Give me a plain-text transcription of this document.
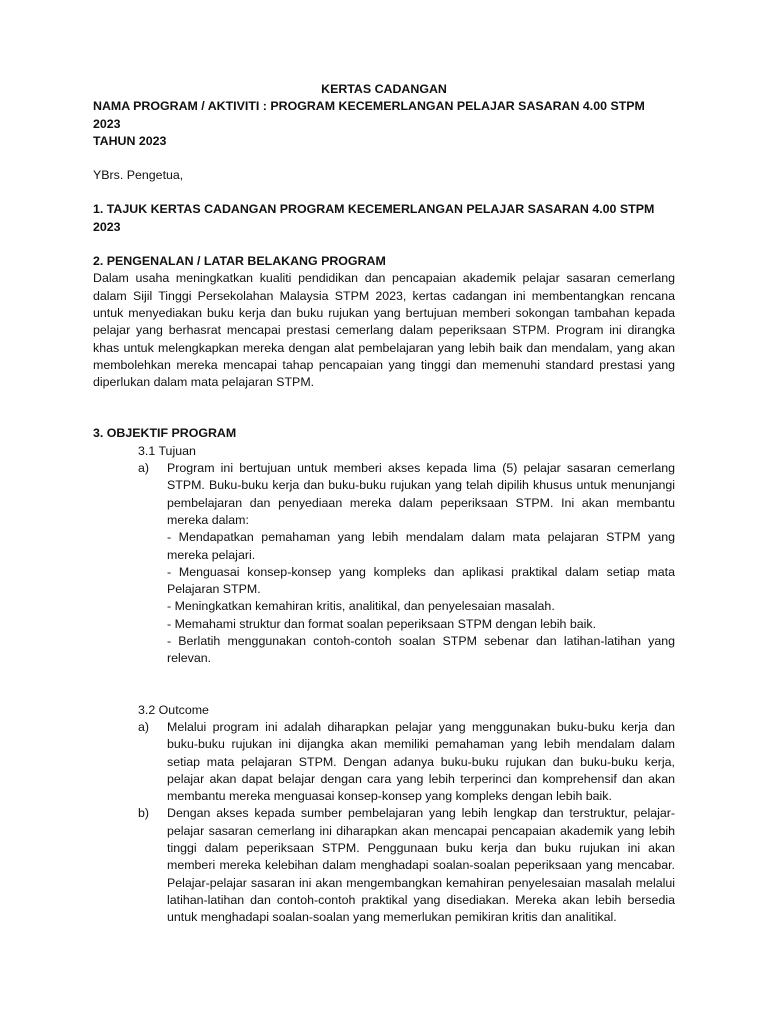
KERTAS CADANGAN
NAMA PROGRAM / AKTIVITI : PROGRAM KECEMERLANGAN PELAJAR SASARAN 4.00 STPM 2023
TAHUN 2023
YBrs. Pengetua,
1. TAJUK KERTAS CADANGAN PROGRAM KECEMERLANGAN PELAJAR SASARAN 4.00 STPM 2023
2. PENGENALAN / LATAR BELAKANG PROGRAM
Dalam usaha meningkatkan kualiti pendidikan dan pencapaian akademik pelajar sasaran cemerlang dalam Sijil Tinggi Persekolahan Malaysia STPM 2023, kertas cadangan ini membentangkan rencana untuk menyediakan buku kerja dan buku rujukan yang bertujuan memberi sokongan tambahan kepada pelajar yang berhasrat mencapai prestasi cemerlang dalam peperiksaan STPM. Program ini dirangka khas untuk melengkapkan mereka dengan alat pembelajaran yang lebih baik dan mendalam, yang akan membolehkan mereka mencapai tahap pencapaian yang tinggi dan memenuhi standard prestasi yang diperlukan dalam mata pelajaran STPM.
3. OBJEKTIF PROGRAM
3.1 Tujuan
a)	Program ini bertujuan untuk memberi akses kepada lima (5) pelajar sasaran cemerlang STPM. Buku-buku kerja dan buku-buku rujukan yang telah dipilih khusus untuk menunjangi pembelajaran dan penyediaan mereka dalam peperiksaan STPM. Ini akan membantu mereka dalam:
- Mendapatkan pemahaman yang lebih mendalam dalam mata pelajaran STPM yang mereka pelajari.
- Menguasai konsep-konsep yang kompleks dan aplikasi praktikal dalam setiap mata Pelajaran STPM.
- Meningkatkan kemahiran kritis, analitikal, dan penyelesaian masalah.
- Memahami struktur dan format soalan peperiksaan STPM dengan lebih baik.
- Berlatih menggunakan contoh-contoh soalan STPM sebenar dan latihan-latihan yang relevan.
3.2 Outcome
a)	Melalui program ini adalah diharapkan pelajar yang menggunakan buku-buku kerja dan buku-buku rujukan ini dijangka akan memiliki pemahaman yang lebih mendalam dalam setiap mata pelajaran STPM. Dengan adanya buku-buku rujukan dan buku-buku kerja, pelajar akan dapat belajar dengan cara yang lebih terperinci dan komprehensif dan akan membantu mereka menguasai konsep-konsep yang kompleks dengan lebih baik.
b)	Dengan akses kepada sumber pembelajaran yang lebih lengkap dan terstruktur, pelajar-pelajar sasaran cemerlang ini diharapkan akan mencapai pencapaian akademik yang lebih tinggi dalam peperiksaan STPM. Penggunaan buku kerja dan buku rujukan ini akan memberi mereka kelebihan dalam menghadapi soalan-soalan peperiksaan yang mencabar. Pelajar-pelajar sasaran ini akan mengembangkan kemahiran penyelesaian masalah melalui latihan-latihan dan contoh-contoh praktikal yang disediakan. Mereka akan lebih bersedia untuk menghadapi soalan-soalan yang memerlukan pemikiran kritis dan analitikal.
